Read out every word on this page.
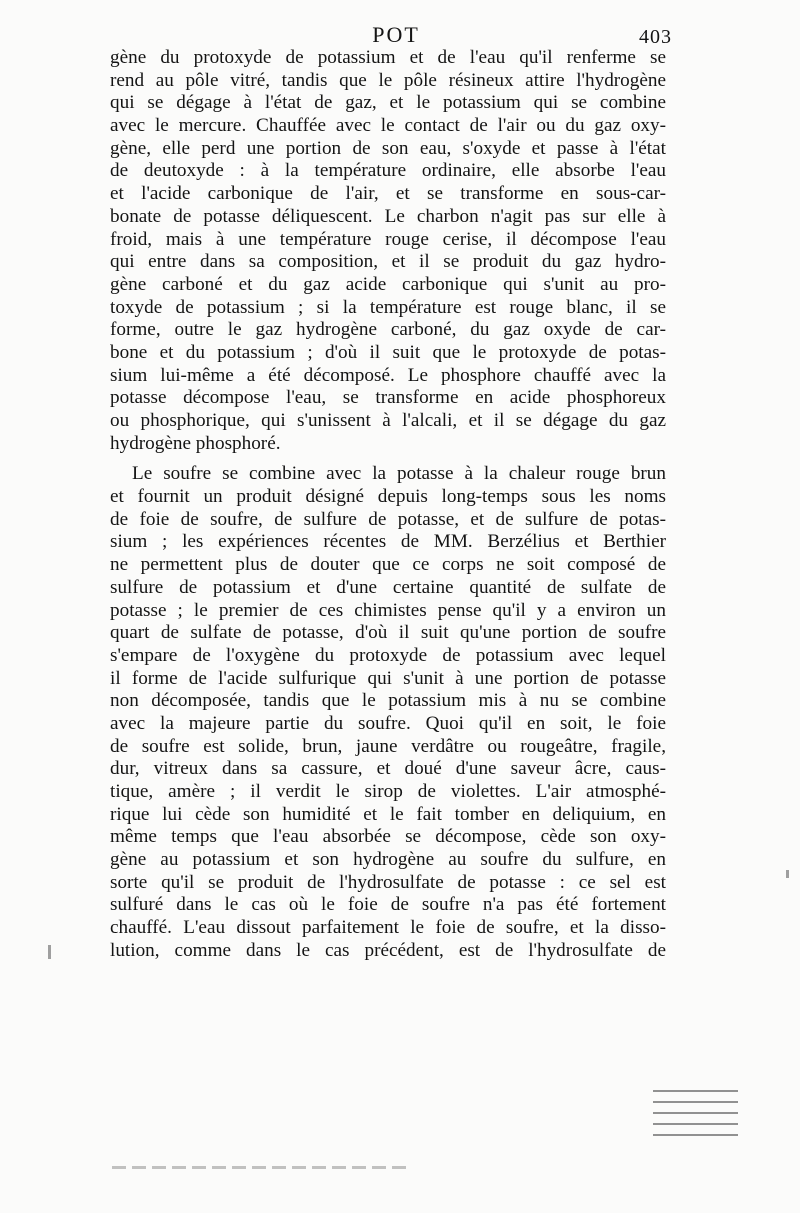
POT	403

gène du protoxyde de potassium et de l'eau qu'il renferme se
rend au pôle vitré, tandis que le pôle résineux attire l'hydrogène
qui se dégage à l'état de gaz, et le potassium qui se combine
avec le mercure. Chauffée avec le contact de l'air ou du gaz oxy-
gène, elle perd une portion de son eau, s'oxyde et passe à l'état
de deutoxyde : à la température ordinaire, elle absorbe l'eau
et l'acide carbonique de l'air, et se transforme en sous-car-
bonate de potasse déliquescent. Le charbon n'agit pas sur elle à
froid, mais à une température rouge cerise, il décompose l'eau
qui entre dans sa composition, et il se produit du gaz hydro-
gène carboné et du gaz acide carbonique qui s'unit au pro-
toxyde de potassium ; si la température est rouge blanc, il se
forme, outre le gaz hydrogène carboné, du gaz oxyde de car-
bone et du potassium ; d'où il suit que le protoxyde de potas-
sium lui-même a été décomposé. Le phosphore chauffé avec la
potasse décompose l'eau, se transforme en acide phosphoreux
ou phosphorique, qui s'unissent à l'alcali, et il se dégage du gaz
hydrogène phosphoré.

Le soufre se combine avec la potasse à la chaleur rouge brun
et fournit un produit désigné depuis long-temps sous les noms
de foie de soufre, de sulfure de potasse, et de sulfure de potas-
sium ; les expériences récentes de MM. Berzélius et Berthier
ne permettent plus de douter que ce corps ne soit composé de
sulfure de potassium et d'une certaine quantité de sulfate de
potasse ; le premier de ces chimistes pense qu'il y a environ un
quart de sulfate de potasse, d'où il suit qu'une portion de soufre
s'empare de l'oxygène du protoxyde de potassium avec lequel
il forme de l'acide sulfurique qui s'unit à une portion de potasse
non décomposée, tandis que le potassium mis à nu se combine
avec la majeure partie du soufre. Quoi qu'il en soit, le foie
de soufre est solide, brun, jaune verdâtre ou rougeâtre, fragile,
dur, vitreux dans sa cassure, et doué d'une saveur âcre, caus-
tique, amère ; il verdit le sirop de violettes. L'air atmosphé-
rique lui cède son humidité et le fait tomber en deliquium, en
même temps que l'eau absorbée se décompose, cède son oxy-
gène au potassium et son hydrogène au soufre du sulfure, en
sorte qu'il se produit de l'hydrosulfate de potasse : ce sel est
sulfuré dans le cas où le foie de soufre n'a pas été fortement
chauffé. L'eau dissout parfaitement le foie de soufre, et la disso-
lution, comme dans le cas précédent, est de l'hydrosulfate de
